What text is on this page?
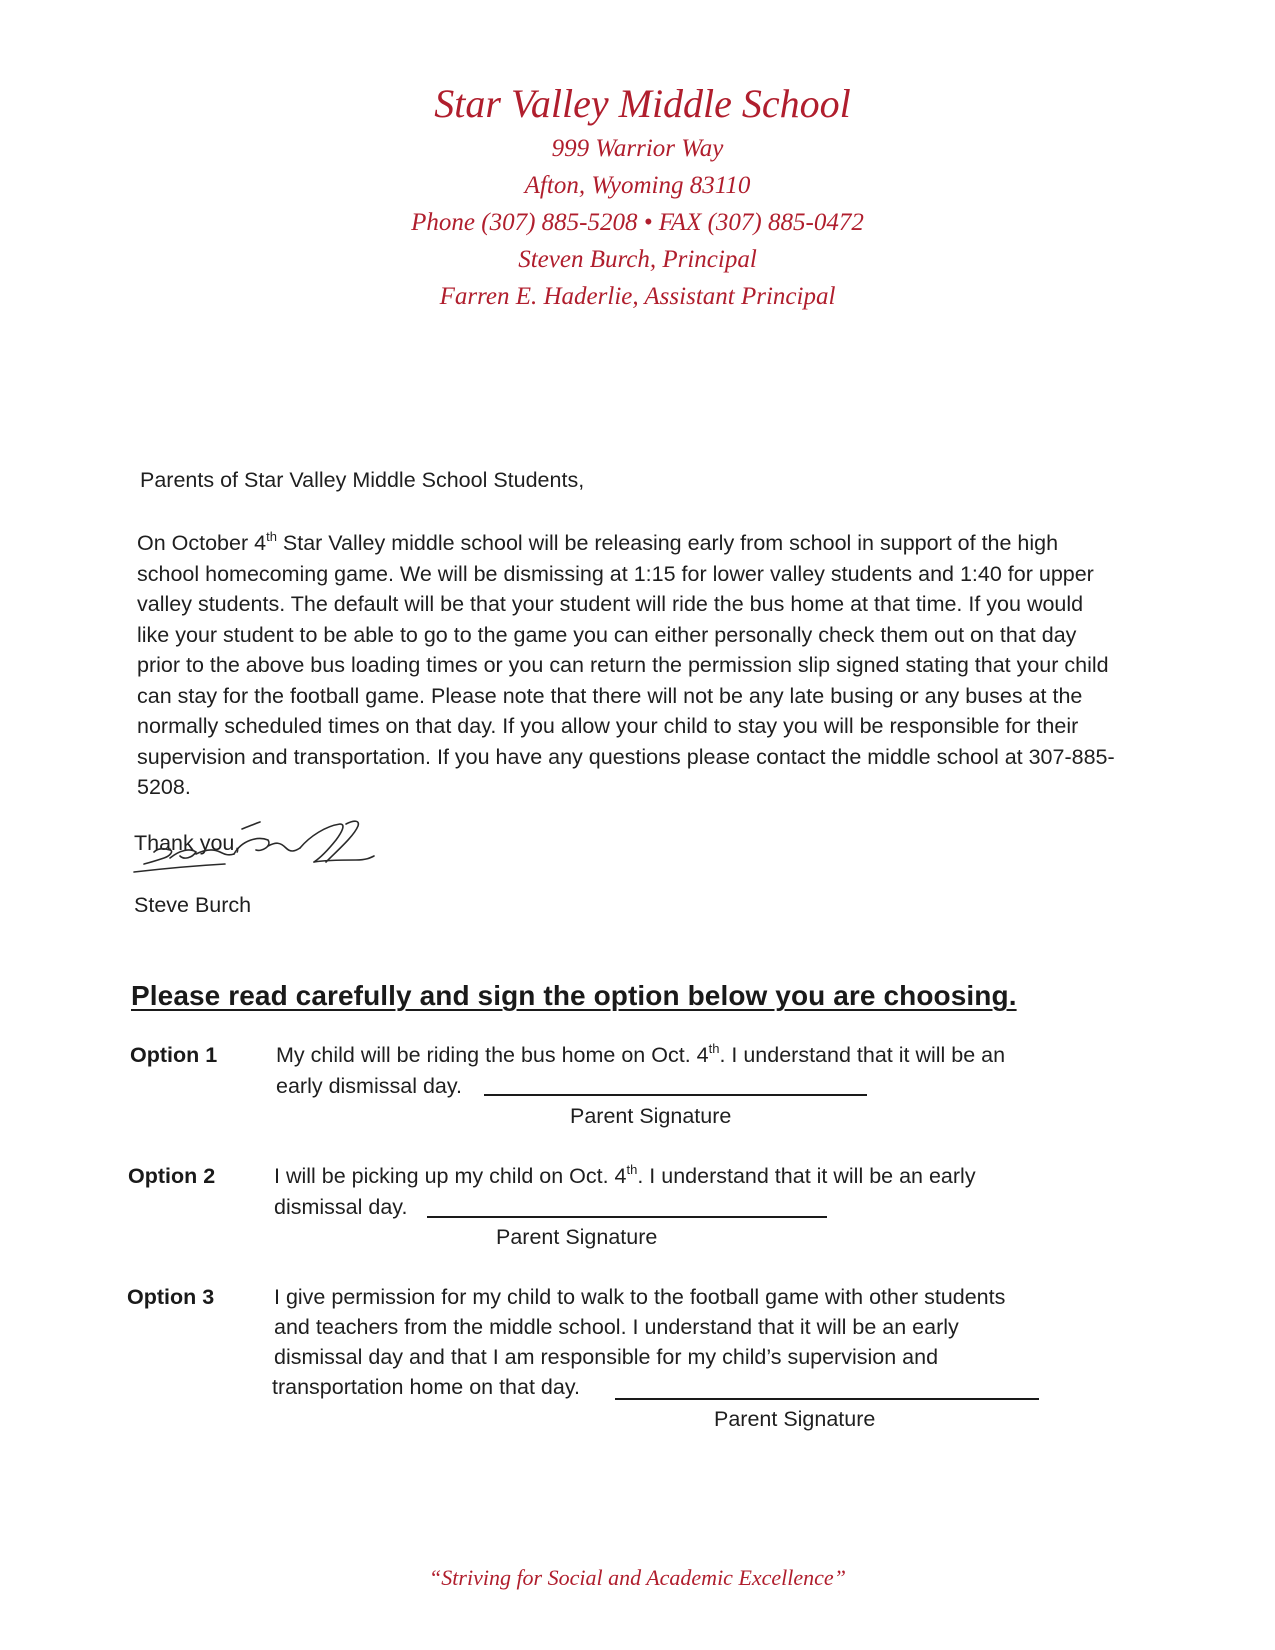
Star Valley Middle School
999 Warrior Way
Afton, Wyoming 83110
Phone (307) 885-5208 • FAX (307) 885-0472
Steven Burch, Principal
Farren E. Haderlie, Assistant Principal
Parents of Star Valley Middle School Students,
On October 4th Star Valley middle school will be releasing early from school in support of the high school homecoming game. We will be dismissing at 1:15 for lower valley students and 1:40 for upper valley students. The default will be that your student will ride the bus home at that time. If you would like your student to be able to go to the game you can either personally check them out on that day prior to the above bus loading times or you can return the permission slip signed stating that your child can stay for the football game. Please note that there will not be any late busing or any buses at the normally scheduled times on that day. If you allow your child to stay you will be responsible for their supervision and transportation. If you have any questions please contact the middle school at 307-885-5208.
Thank you,
Steve Burch
Please read carefully and sign the option below you are choosing.
Option 1	My child will be riding the bus home on Oct. 4th. I understand that it will be an
early dismissal day.
Parent Signature
Option 2	I will be picking up my child on Oct. 4th. I understand that it will be an early
dismissal day.
Parent Signature
Option 3	I give permission for my child to walk to the football game with other students
and teachers from the middle school. I understand that it will be an early
dismissal day and that I am responsible for my child’s supervision and
transportation home on that day.
Parent Signature
“Striving for Social and Academic Excellence”
